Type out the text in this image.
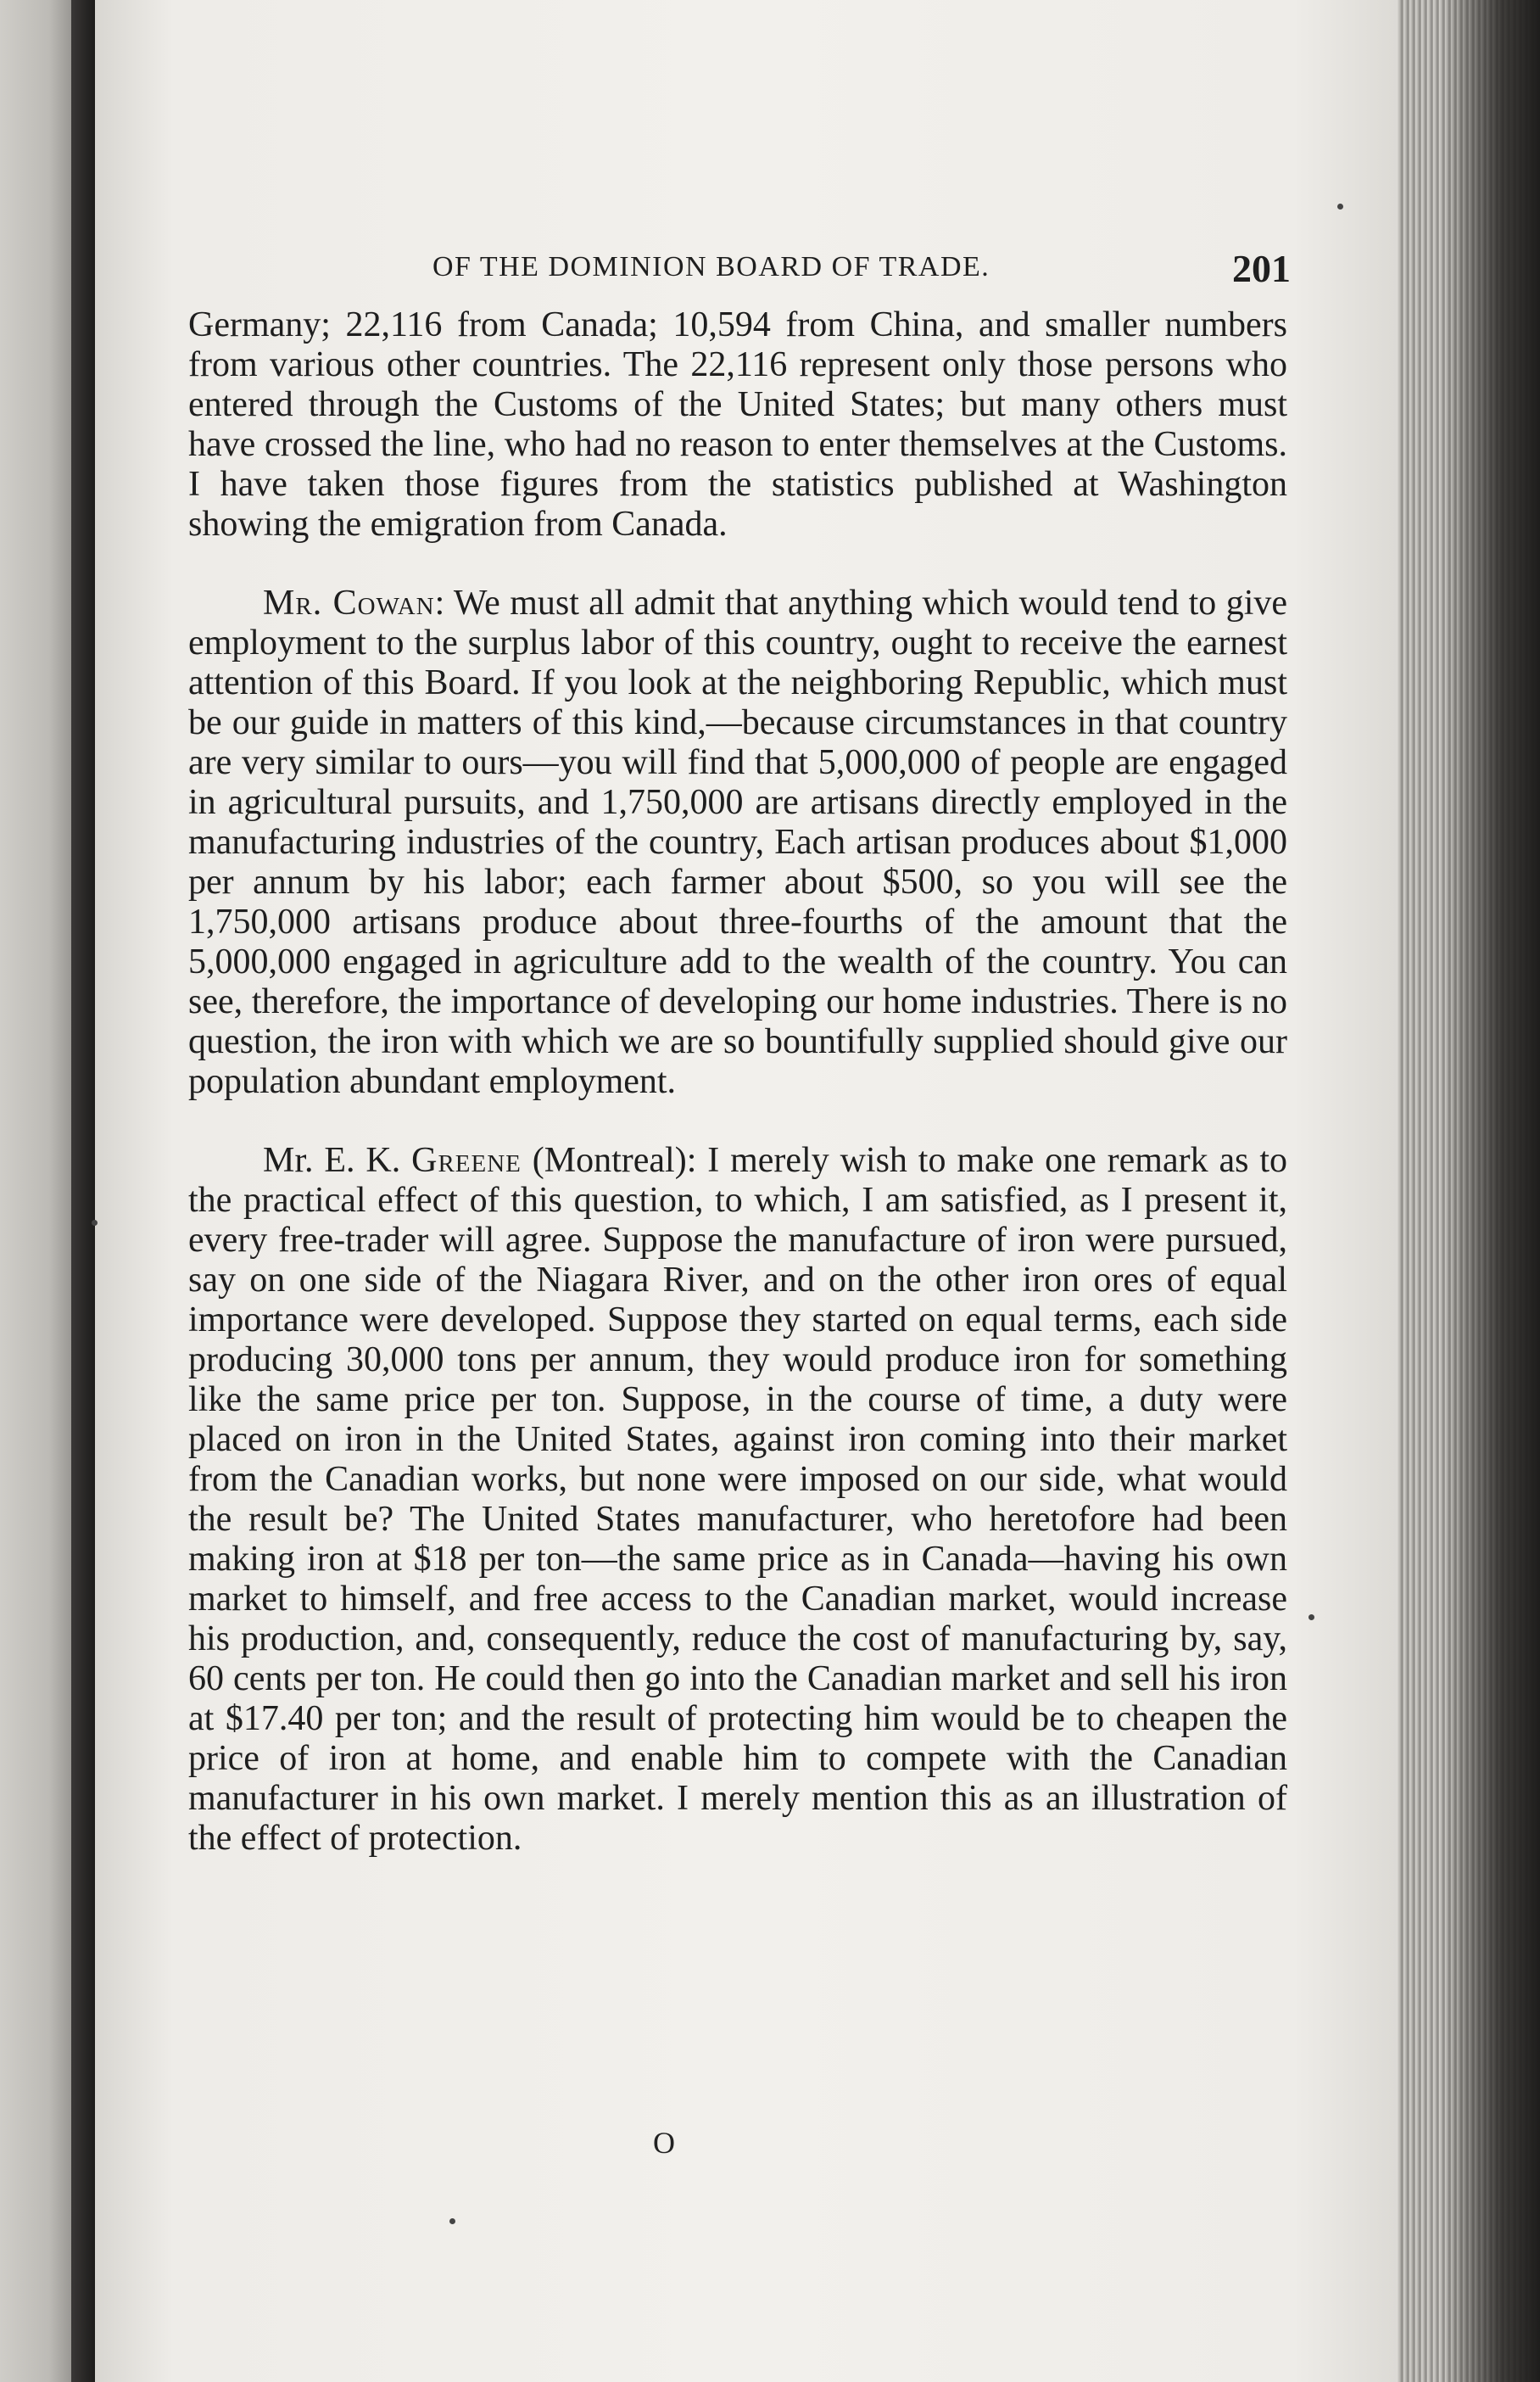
OF THE DOMINION BOARD OF TRADE.	201

Germany; 22,116 from Canada; 10,594 from China, and smaller numbers from various other countries. The 22,116 represent only those persons who entered through the Customs of the United States; but many others must have crossed the line, who had no reason to enter themselves at the Customs. I have taken those figures from the statistics published at Washington showing the emigration from Canada.

Mr. Cowan: We must all admit that anything which would tend to give employment to the surplus labor of this country, ought to receive the earnest attention of this Board. If you look at the neighboring Republic, which must be our guide in matters of this kind,—because circumstances in that country are very similar to ours—you will find that 5,000,000 of people are engaged in agricultural pursuits, and 1,750,000 are artisans directly employed in the manufacturing industries of the country, Each artisan produces about $1,000 per annum by his labor; each farmer about $500, so you will see the 1,750,000 artisans produce about three-fourths of the amount that the 5,000,000 engaged in agriculture add to the wealth of the country. You can see, therefore, the importance of developing our home industries. There is no question, the iron with which we are so bountifully supplied should give our population abundant employment.

Mr. E. K. Greene (Montreal): I merely wish to make one remark as to the practical effect of this question, to which, I am satisfied, as I present it, every free-trader will agree. Suppose the manufacture of iron were pursued, say on one side of the Niagara River, and on the other iron ores of equal importance were developed. Suppose they started on equal terms, each side producing 30,000 tons per annum, they would produce iron for something like the same price per ton. Suppose, in the course of time, a duty were placed on iron in the United States, against iron coming into their market from the Canadian works, but none were imposed on our side, what would the result be? The United States manufacturer, who heretofore had been making iron at $18 per ton—the same price as in Canada—having his own market to himself, and free access to the Canadian market, would increase his production, and, consequently, reduce the cost of manufacturing by, say, 60 cents per ton. He could then go into the Canadian market and sell his iron at $17.40 per ton; and the result of protecting him would be to cheapen the price of iron at home, and enable him to compete with the Canadian manufacturer in his own market. I merely mention this as an illustration of the effect of protection.

O
